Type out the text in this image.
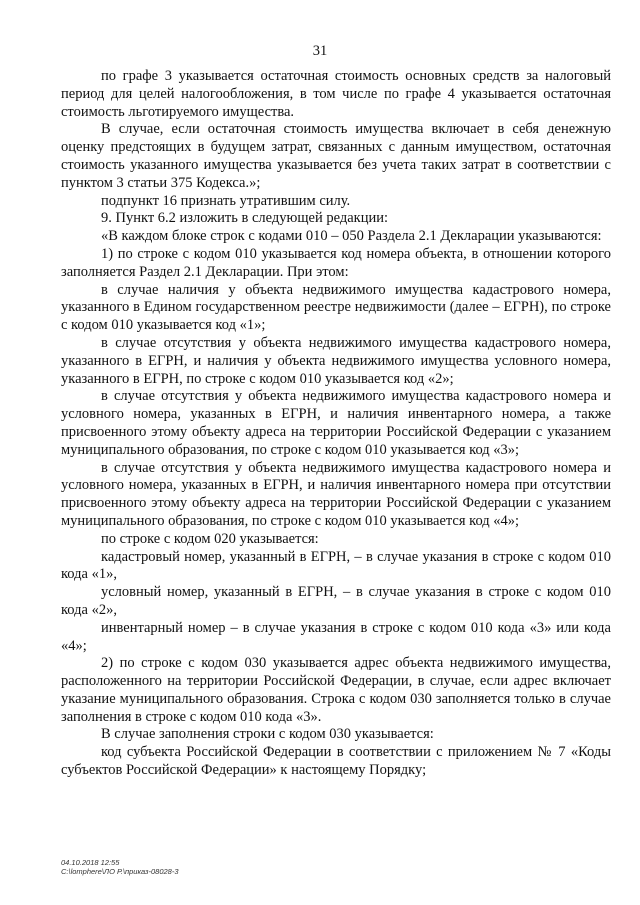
31

по графе 3 указывается остаточная стоимость основных средств за налоговый период для целей налогообложения, в том числе по графе 4 указывается остаточная стоимость льготируемого имущества.

В случае, если остаточная стоимость имущества включает в себя денежную оценку предстоящих в будущем затрат, связанных с данным имуществом, остаточная стоимость указанного имущества указывается без учета таких затрат в соответствии с пунктом 3 статьи 375 Кодекса.»;

подпункт 16 признать утратившим силу.

9. Пункт 6.2 изложить в следующей редакции:

«В каждом блоке строк с кодами 010 – 050 Раздела 2.1 Декларации указываются:

1) по строке с кодом 010 указывается код номера объекта, в отношении которого заполняется Раздел 2.1 Декларации. При этом:

в случае наличия у объекта недвижимого имущества кадастрового номера, указанного в Едином государственном реестре недвижимости (далее – ЕГРН), по строке с кодом 010 указывается код «1»;

в случае отсутствия у объекта недвижимого имущества кадастрового номера, указанного в ЕГРН, и наличия у объекта недвижимого имущества условного номера, указанного в ЕГРН, по строке с кодом 010 указывается код «2»;

в случае отсутствия у объекта недвижимого имущества кадастрового номера и условного номера, указанных в ЕГРН, и наличия инвентарного номера, а также присвоенного этому объекту адреса на территории Российской Федерации с указанием муниципального образования, по строке с кодом 010 указывается код «3»;

в случае отсутствия у объекта недвижимого имущества кадастрового номера и условного номера, указанных в ЕГРН, и наличия инвентарного номера при отсутствии присвоенного этому объекту адреса на территории Российской Федерации с указанием муниципального образования, по строке с кодом 010 указывается код «4»;

по строке с кодом 020 указывается:

кадастровый номер, указанный в ЕГРН, – в случае указания в строке с кодом 010 кода «1»,

условный номер, указанный в ЕГРН, – в случае указания в строке с кодом 010 кода «2»,

инвентарный номер – в случае указания в строке с кодом 010 кода «3» или кода «4»;

2) по строке с кодом 030 указывается адрес объекта недвижимого имущества, расположенного на территории Российской Федерации, в случае, если адрес включает указание муниципального образования. Строка с кодом 030 заполняется только в случае заполнения в строке с кодом 010 кода «3».

В случае заполнения строки с кодом 030 указывается:

код субъекта Российской Федерации в соответствии с приложением № 7 «Коды субъектов Российской Федерации» к настоящему Порядку;

04.10.2018 12:55
C:\lomphere\ЛО Р.\приказ-08028-3
